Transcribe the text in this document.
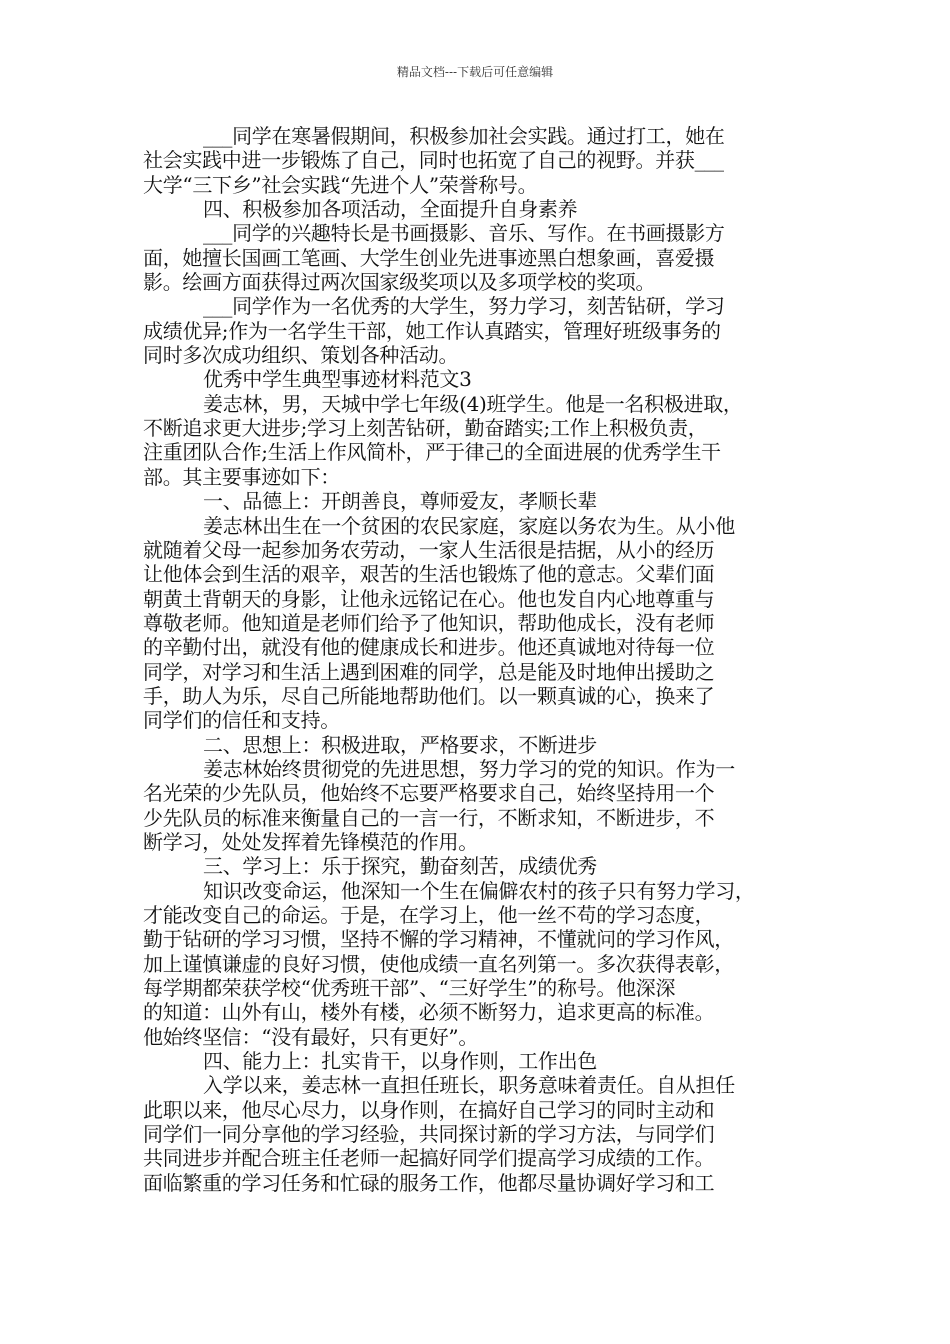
精品文档---下载后可任意编辑
___同学在寒暑假期间，积极参加社会实践。通过打工，她在
社会实践中进一步锻炼了自己，同时也拓宽了自己的视野。并获___
大学“三下乡”社会实践“先进个人”荣誉称号。
四、积极参加各项活动，全面提升自身素养
___同学的兴趣特长是书画摄影、音乐、写作。在书画摄影方
面，她擅长国画工笔画、大学生创业先进事迹黑白想象画，喜爱摄
影。绘画方面获得过两次国家级奖项以及多项学校的奖项。
___同学作为一名优秀的大学生，努力学习，刻苦钻研，学习
成绩优异;作为一名学生干部，她工作认真踏实，管理好班级事务的
同时多次成功组织、策划各种活动。
优秀中学生典型事迹材料范文3
姜志林，男，天城中学七年级(4)班学生。他是一名积极进取，
不断追求更大进步;学习上刻苦钻研，勤奋踏实;工作上积极负责，
注重团队合作;生活上作风简朴，严于律己的全面进展的优秀学生干
部。其主要事迹如下：
一、品德上：开朗善良，尊师爱友，孝顺长辈
姜志林出生在一个贫困的农民家庭，家庭以务农为生。从小他
就随着父母一起参加务农劳动，一家人生活很是拮据，从小的经历
让他体会到生活的艰辛，艰苦的生活也锻炼了他的意志。父辈们面
朝黄土背朝天的身影，让他永远铭记在心。他也发自内心地尊重与
尊敬老师。他知道是老师们给予了他知识，帮助他成长，没有老师
的辛勤付出，就没有他的健康成长和进步。他还真诚地对待每一位
同学，对学习和生活上遇到困难的同学，总是能及时地伸出援助之
手，助人为乐，尽自己所能地帮助他们。以一颗真诚的心，换来了
同学们的信任和支持。
二、思想上：积极进取，严格要求，不断进步
姜志林始终贯彻党的先进思想，努力学习的党的知识。作为一
名光荣的少先队员，他始终不忘要严格要求自己，始终坚持用一个
少先队员的标准来衡量自己的一言一行，不断求知，不断进步，不
断学习，处处发挥着先锋模范的作用。
三、学习上：乐于探究，勤奋刻苦，成绩优秀
知识改变命运，他深知一个生在偏僻农村的孩子只有努力学习，
才能改变自己的命运。于是，在学习上，他一丝不苟的学习态度，
勤于钻研的学习习惯，坚持不懈的学习精神，不懂就问的学习作风，
加上谨慎谦虚的良好习惯，使他成绩一直名列第一。多次获得表彰，
每学期都荣获学校“优秀班干部”、“三好学生”的称号。他深深
的知道：山外有山，楼外有楼，必须不断努力，追求更高的标准。
他始终坚信：“没有最好，只有更好”。
四、能力上：扎实肯干，以身作则，工作出色
入学以来，姜志林一直担任班长，职务意味着责任。自从担任
此职以来，他尽心尽力，以身作则，在搞好自己学习的同时主动和
同学们一同分享他的学习经验，共同探讨新的学习方法，与同学们
共同进步并配合班主任老师一起搞好同学们提高学习成绩的工作。
面临繁重的学习任务和忙碌的服务工作，他都尽量协调好学习和工
